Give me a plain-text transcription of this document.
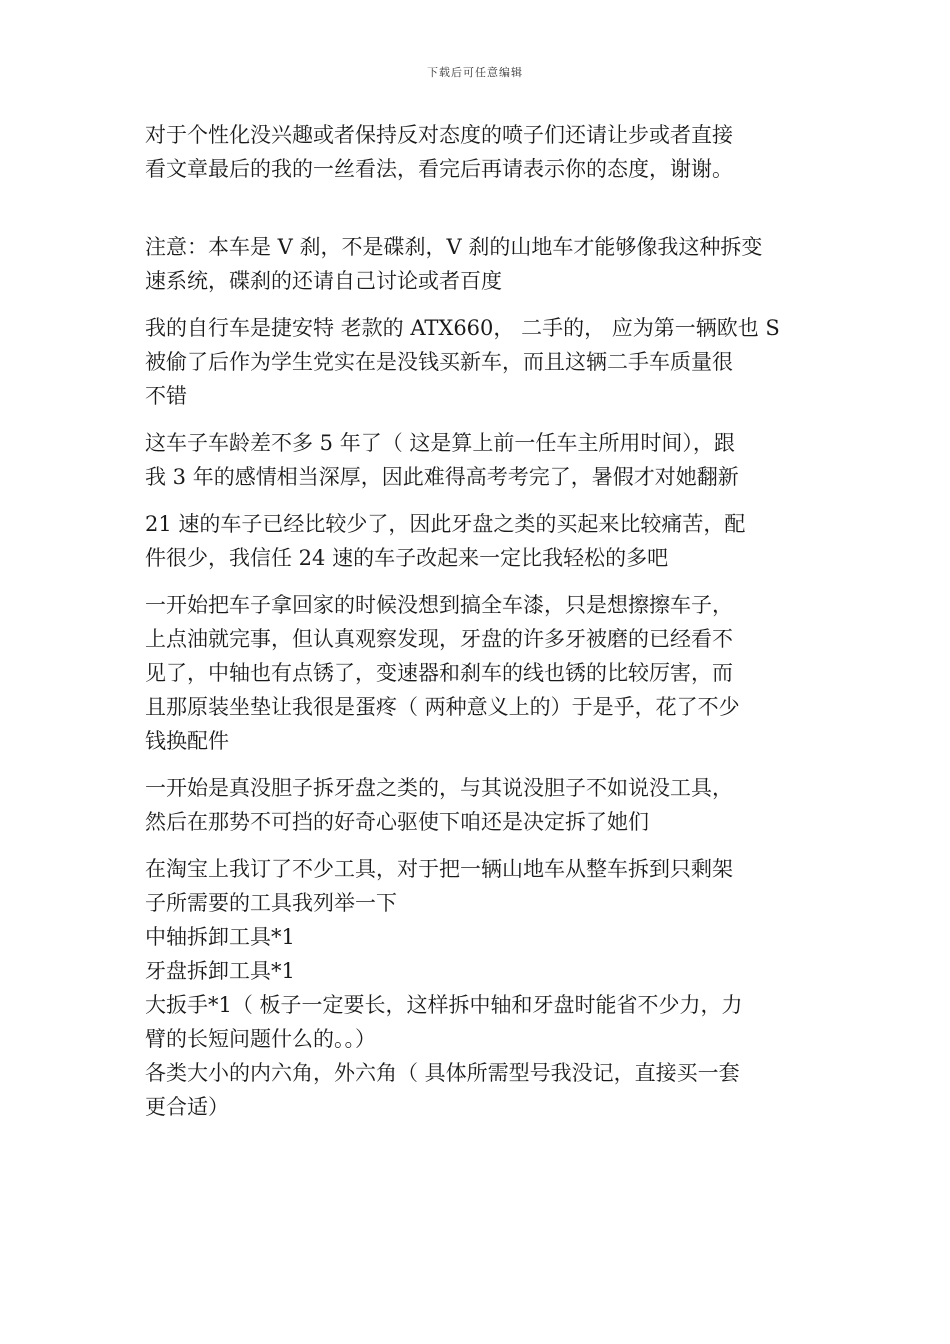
下载后可任意编辑
对于个性化没兴趣或者保持反对态度的喷子们还请让步或者直接
看文章最后的我的一丝看法，看完后再请表示你的态度，谢谢。
注意：本车是 V 刹，不是碟刹，V 刹的山地车才能够像我这种拆变
速系统，碟刹的还请自己讨论或者百度
我的自行车是捷安特 老款的 ATX660， 二手的， 应为第一辆欧也 S
被偷了后作为学生党实在是没钱买新车，而且这辆二手车质量很
不错
这车子车龄差不多 5 年了（ 这是算上前一任车主所用时间），跟
我 3 年的感情相当深厚，因此难得高考考完了，暑假才对她翻新
21 速的车子已经比较少了，因此牙盘之类的买起来比较痛苦，配
件很少，我信任 24 速的车子改起来一定比我轻松的多吧
一开始把车子拿回家的时候没想到搞全车漆，只是想擦擦车子，
上点油就完事，但认真观察发现，牙盘的许多牙被磨的已经看不
见了，中轴也有点锈了，变速器和刹车的线也锈的比较厉害，而
且那原装坐垫让我很是蛋疼（ 两种意义上的）于是乎，花了不少
钱换配件
一开始是真没胆子拆牙盘之类的，与其说没胆子不如说没工具，
然后在那势不可挡的好奇心驱使下咱还是决定拆了她们
在淘宝上我订了不少工具，对于把一辆山地车从整车拆到只剩架
子所需要的工具我列举一下
中轴拆卸工具*1
牙盘拆卸工具*1
大扳手*1（ 板子一定要长，这样拆中轴和牙盘时能省不少力，力
臂的长短问题什么的。。）
各类大小的内六角，外六角（ 具体所需型号我没记，直接买一套
更合适）
